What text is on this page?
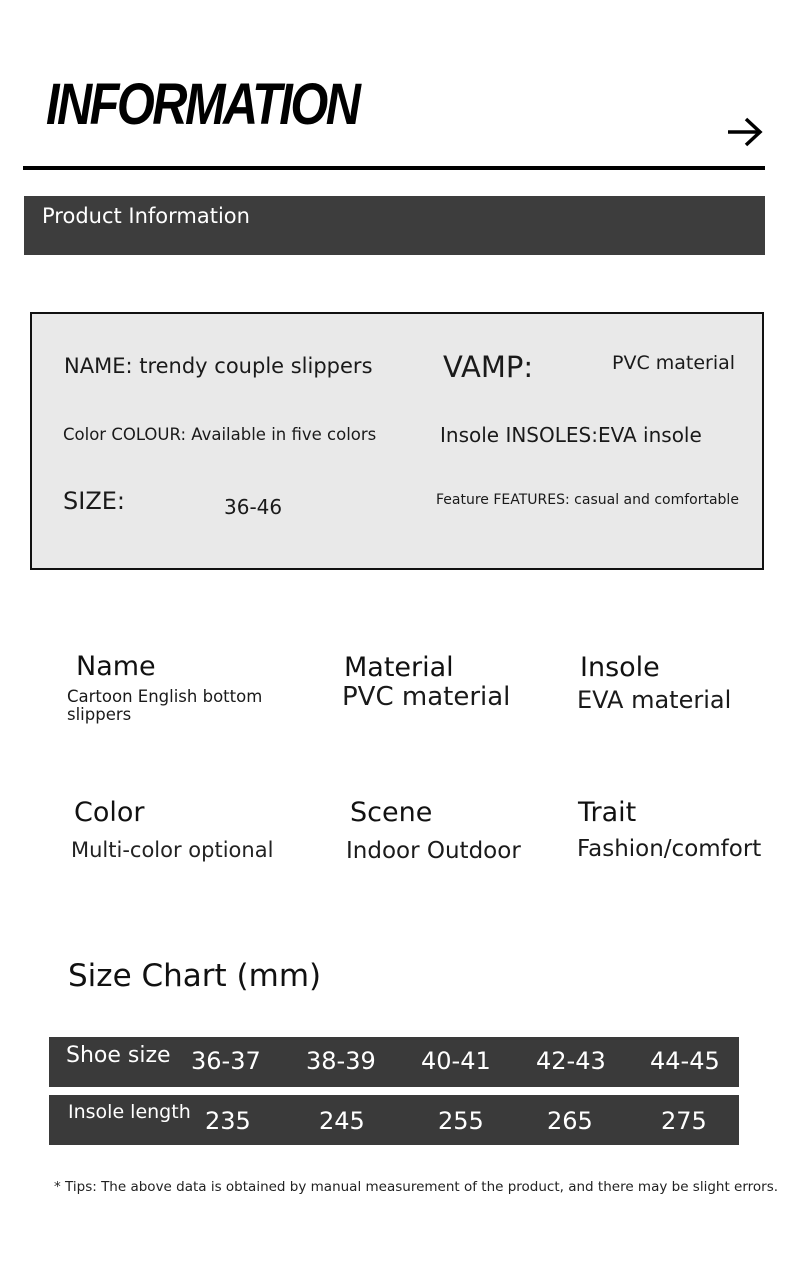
INFORMATION
Product Information
NAME: trendy couple slippers VAMP:	PVC material
Color COLOUR: Available in five colors	Insole INSOLES:EVA insole
SIZE:	36-46	Feature FEATURES: casual and comfortable
Name
Cartoon English bottom slippers
Material
PVC material
Insole
EVA material
Color
Multi-color optional
Scene
Indoor Outdoor
Trait
Fashion/comfort
Size Chart (mm)
Shoe size 36-37 38-39 40-41 42-43 44-45
Insole length 235	245	255	265	275
* Tips: The above data is obtained by manual measurement of the product, and there may be slight errors.
